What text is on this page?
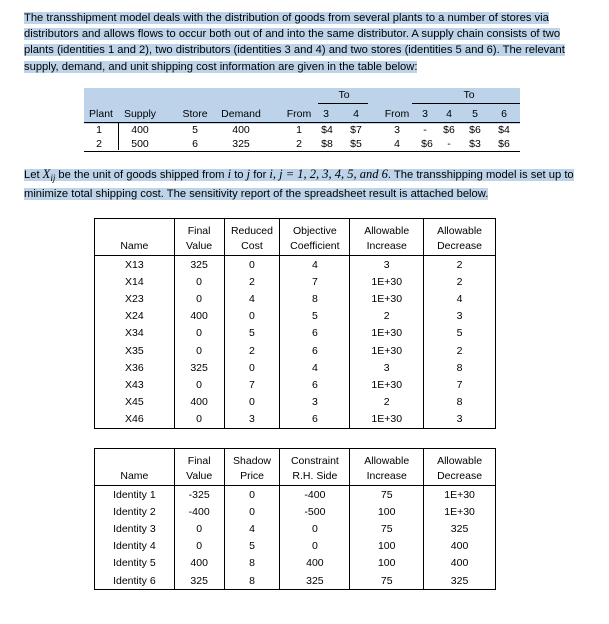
The transshipment model deals with the distribution of goods from several plants to a number of stores via distributors and allows flows to occur both out of and into the same distributor. A supply chain consists of two plants (identities 1 and 2), two distributors (identities 3 and 4) and two stores (identities 5 and 6). The relevant supply, demand, and unit shipping cost information are given in the table below:
To	To
Plant	Supply	Store	Demand	From	3	4	From	3	4	5	6
1	400	5	400	1	$4	$7	3	-	$6	$6	$4
2	500	6	325	2	$8	$5	4	$6	-	$3	$6
Let $X_{ij}$ be the unit of goods shipped from i to j for i, j = 1, 2, 3, 4, 5, and 6. The transshipping model is set up to minimize total shipping cost. The sensitivity report of the spreadsheet result is attached below.
	Final	Reduced	Objective	Allowable	Allowable
Name	Value	Cost	Coefficient	Increase	Decrease
X13	325	0	4	3	2
X14	0	2	7	1E+30	2
X23	0	4	8	1E+30	4
X24	400	0	5	2	3
X34	0	5	6	1E+30	5
X35	0	2	6	1E+30	2
X36	325	0	4	3	8
X43	0	7	6	1E+30	7
X45	400	0	3	2	8
X46	0	3	6	1E+30	3
	Final	Shadow	Constraint	Allowable	Allowable
Name	Value	Price	R.H. Side	Increase	Decrease
Identity 1	-325	0	-400	75	1E+30
Identity 2	-400	0	-500	100	1E+30
Identity 3	0	4	0	75	325
Identity 4	0	5	0	100	400
Identity 5	400	8	400	100	400
Identity 6	325	8	325	75	325
